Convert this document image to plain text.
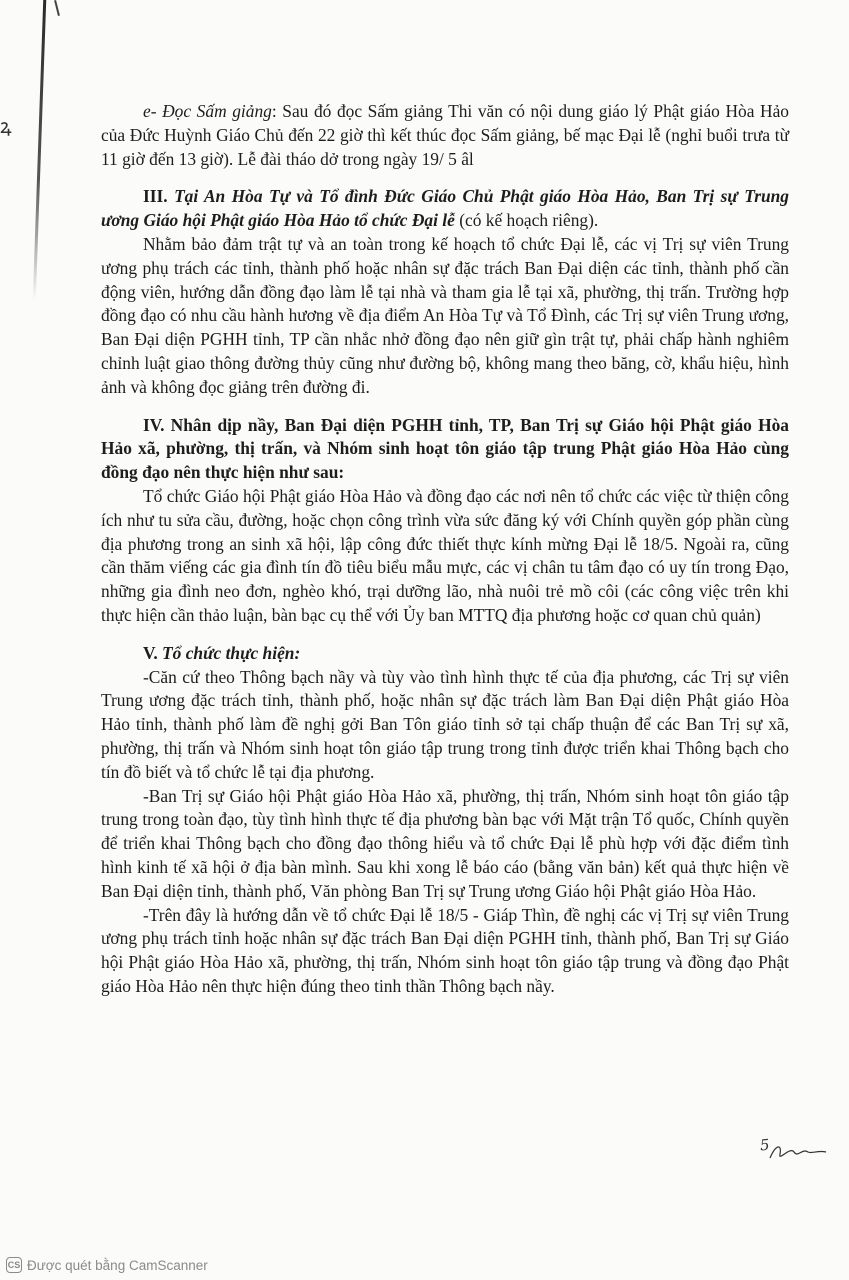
ꝝ

e- Đọc Sấm giảng: Sau đó đọc Sấm giảng Thi văn có nội dung giáo lý Phật giáo Hòa Hảo của Đức Huỳnh Giáo Chủ đến 22 giờ thì kết thúc đọc Sấm giảng, bế mạc Đại lễ (nghỉ buổi trưa từ 11 giờ đến 13 giờ). Lễ đài tháo dở trong ngày 19/ 5 âl

III. Tại An Hòa Tự và Tổ đình Đức Giáo Chủ Phật giáo Hòa Hảo, Ban Trị sự Trung ương Giáo hội Phật giáo Hòa Hảo tổ chức Đại lễ (có kế hoạch riêng).

Nhằm bảo đảm trật tự và an toàn trong kế hoạch tổ chức Đại lễ, các vị Trị sự viên Trung ương phụ trách các tỉnh, thành phố hoặc nhân sự đặc trách Ban Đại diện các tỉnh, thành phố cần động viên, hướng dẫn đồng đạo làm lễ tại nhà và tham gia lễ tại xã, phường, thị trấn. Trường hợp đồng đạo có nhu cầu hành hương về địa điểm An Hòa Tự và Tổ Đình, các Trị sự viên Trung ương, Ban Đại diện PGHH tỉnh, TP cần nhắc nhở đồng đạo nên giữ gìn trật tự, phải chấp hành nghiêm chỉnh luật giao thông đường thủy cũng như đường bộ, không mang theo băng, cờ, khẩu hiệu, hình ảnh và không đọc giảng trên đường đi.

IV. Nhân dịp nầy, Ban Đại diện PGHH tỉnh, TP, Ban Trị sự Giáo hội Phật giáo Hòa Hảo xã, phường, thị trấn, và Nhóm sinh hoạt tôn giáo tập trung Phật giáo Hòa Hảo cùng đồng đạo nên thực hiện như sau:

Tổ chức Giáo hội Phật giáo Hòa Hảo và đồng đạo các nơi nên tổ chức các việc từ thiện công ích như tu sửa cầu, đường, hoặc chọn công trình vừa sức đăng ký với Chính quyền góp phần cùng địa phương trong an sinh xã hội, lập công đức thiết thực kính mừng Đại lễ 18/5. Ngoài ra, cũng cần thăm viếng các gia đình tín đồ tiêu biểu mẫu mực, các vị chân tu tâm đạo có uy tín trong Đạo, những gia đình neo đơn, nghèo khó, trại dưỡng lão, nhà nuôi trẻ mồ côi (các công việc trên khi thực hiện cần thảo luận, bàn bạc cụ thể với Ủy ban MTTQ địa phương hoặc cơ quan chủ quản)

V. Tổ chức thực hiện:

-Căn cứ theo Thông bạch nầy và tùy vào tình hình thực tế của địa phương, các Trị sự viên Trung ương đặc trách tỉnh, thành phố, hoặc nhân sự đặc trách làm Ban Đại diện Phật giáo Hòa Hảo tỉnh, thành phố làm đề nghị gởi Ban Tôn giáo tỉnh sở tại chấp thuận để các Ban Trị sự xã, phường, thị trấn và Nhóm sinh hoạt tôn giáo tập trung trong tỉnh được triển khai Thông bạch cho tín đồ biết và tổ chức lễ tại địa phương.

-Ban Trị sự Giáo hội Phật giáo Hòa Hảo xã, phường, thị trấn, Nhóm sinh hoạt tôn giáo tập trung trong toàn đạo, tùy tình hình thực tế địa phương bàn bạc với Mặt trận Tổ quốc, Chính quyền để triển khai Thông bạch cho đồng đạo thông hiểu và tổ chức Đại lễ phù hợp với đặc điểm tình hình kinh tế xã hội ở địa bàn mình. Sau khi xong lễ báo cáo (bằng văn bản) kết quả thực hiện về Ban Đại diện tỉnh, thành phố, Văn phòng Ban Trị sự Trung ương Giáo hội Phật giáo Hòa Hảo.

-Trên đây là hướng dẫn về tổ chức Đại lễ 18/5 - Giáp Thìn, đề nghị các vị Trị sự viên Trung ương phụ trách tỉnh hoặc nhân sự đặc trách Ban Đại diện PGHH tỉnh, thành phố, Ban Trị sự Giáo hội Phật giáo Hòa Hảo xã, phường, thị trấn, Nhóm sinh hoạt tôn giáo tập trung và đồng đạo Phật giáo Hòa Hảo nên thực hiện đúng theo tinh thần Thông bạch nầy.

5
CS Được quét bằng CamScanner
